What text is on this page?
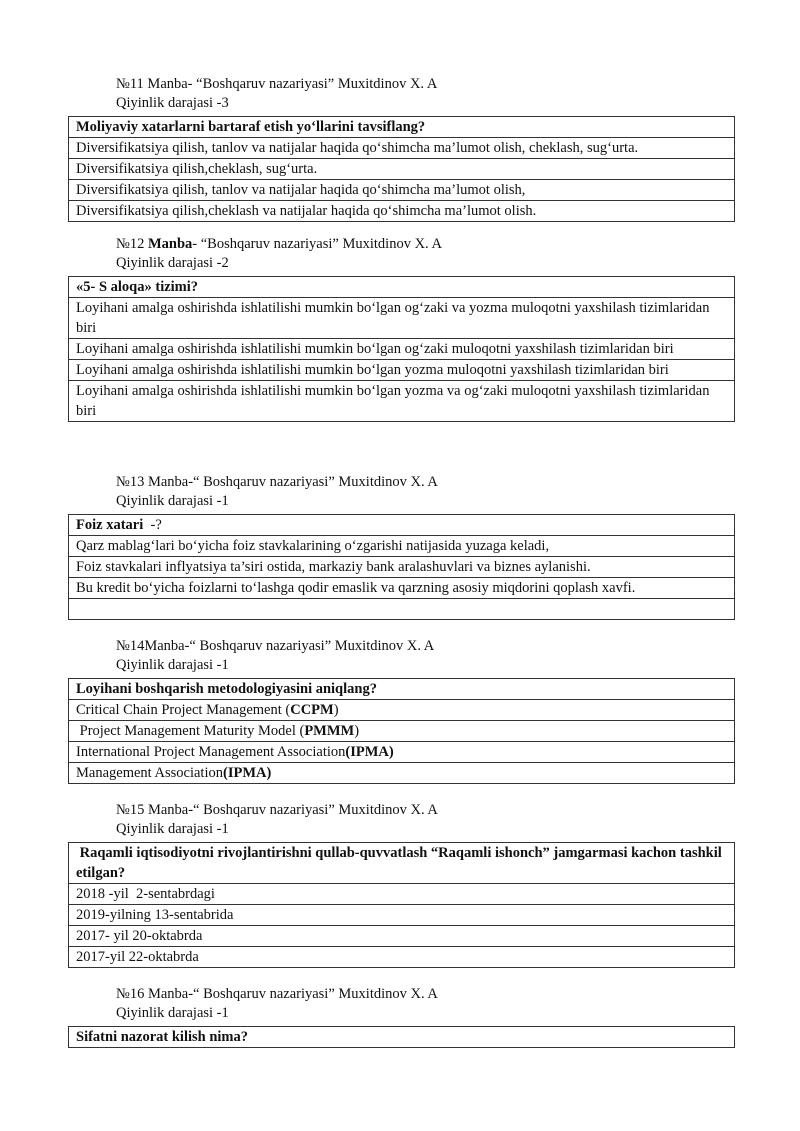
№11 Manba- “Boshqaruv nazariyasi” Muxitdinov X. A
Qiyinlik darajasi -3
Moliyaviy xatarlarni bartaraf etish yo‘llarini tavsiflang?
Diversifikatsiya qilish, tanlov va natijalar haqida qo‘shimcha ma’lumot olish, cheklash, sug‘urta.
Diversifikatsiya qilish,cheklash, sug‘urta.
Diversifikatsiya qilish, tanlov va natijalar haqida qo‘shimcha ma’lumot olish,
Diversifikatsiya qilish,cheklash va natijalar haqida qo‘shimcha ma’lumot olish.
№12 Manba- “Boshqaruv nazariyasi” Muxitdinov X. A
Qiyinlik darajasi -2
«5- S aloqa» tizimi?
Loyihani amalga oshirishda ishlatilishi mumkin bo‘lgan og‘zaki va yozma muloqotni yaxshilash tizimlaridan biri
Loyihani amalga oshirishda ishlatilishi mumkin bo‘lgan og‘zaki muloqotni yaxshilash tizimlaridan biri
Loyihani amalga oshirishda ishlatilishi mumkin bo‘lgan yozma muloqotni yaxshilash tizimlaridan biri
Loyihani amalga oshirishda ishlatilishi mumkin bo‘lgan yozma va og‘zaki muloqotni yaxshilash tizimlaridan biri
№13 Manba-“ Boshqaruv nazariyasi” Muxitdinov X. A
Qiyinlik darajasi -1
Foiz xatari  -?
Qarz mablag‘lari bo‘yicha foiz stavkalarining o‘zgarishi natijasida yuzaga keladi,
Foiz stavkalari inflyatsiya ta’siri ostida, markaziy bank aralashuvlari va biznes aylanishi.
Bu kredit bo‘yicha foizlarni to‘lashga qodir emaslik va qarzning asosiy miqdorini qoplash xavfi.

№14Manba-“ Boshqaruv nazariyasi” Muxitdinov X. A
Qiyinlik darajasi -1
Loyihani boshqarish metodologiyasini aniqlang?
Critical Chain Project Management (CCPM)
Project Management Maturity Model (PMMM)
International Project Management Association(IPMA)
Management Association(IPMA)
№15 Manba-“ Boshqaruv nazariyasi” Muxitdinov X. A
Qiyinlik darajasi -1
Raqamli iqtisodiyotni rivojlantirishni qullab-quvvatlash “Raqamli ishonch” jamgarmasi kachon tashkil etilgan?
2018 -yil  2-sentabrdagi
2019-yilning 13-sentabrida
2017- yil 20-oktabrda
2017-yil 22-oktabrda
№16 Manba-“ Boshqaruv nazariyasi” Muxitdinov X. A
Qiyinlik darajasi -1
Sifatni nazorat kilish nima?
